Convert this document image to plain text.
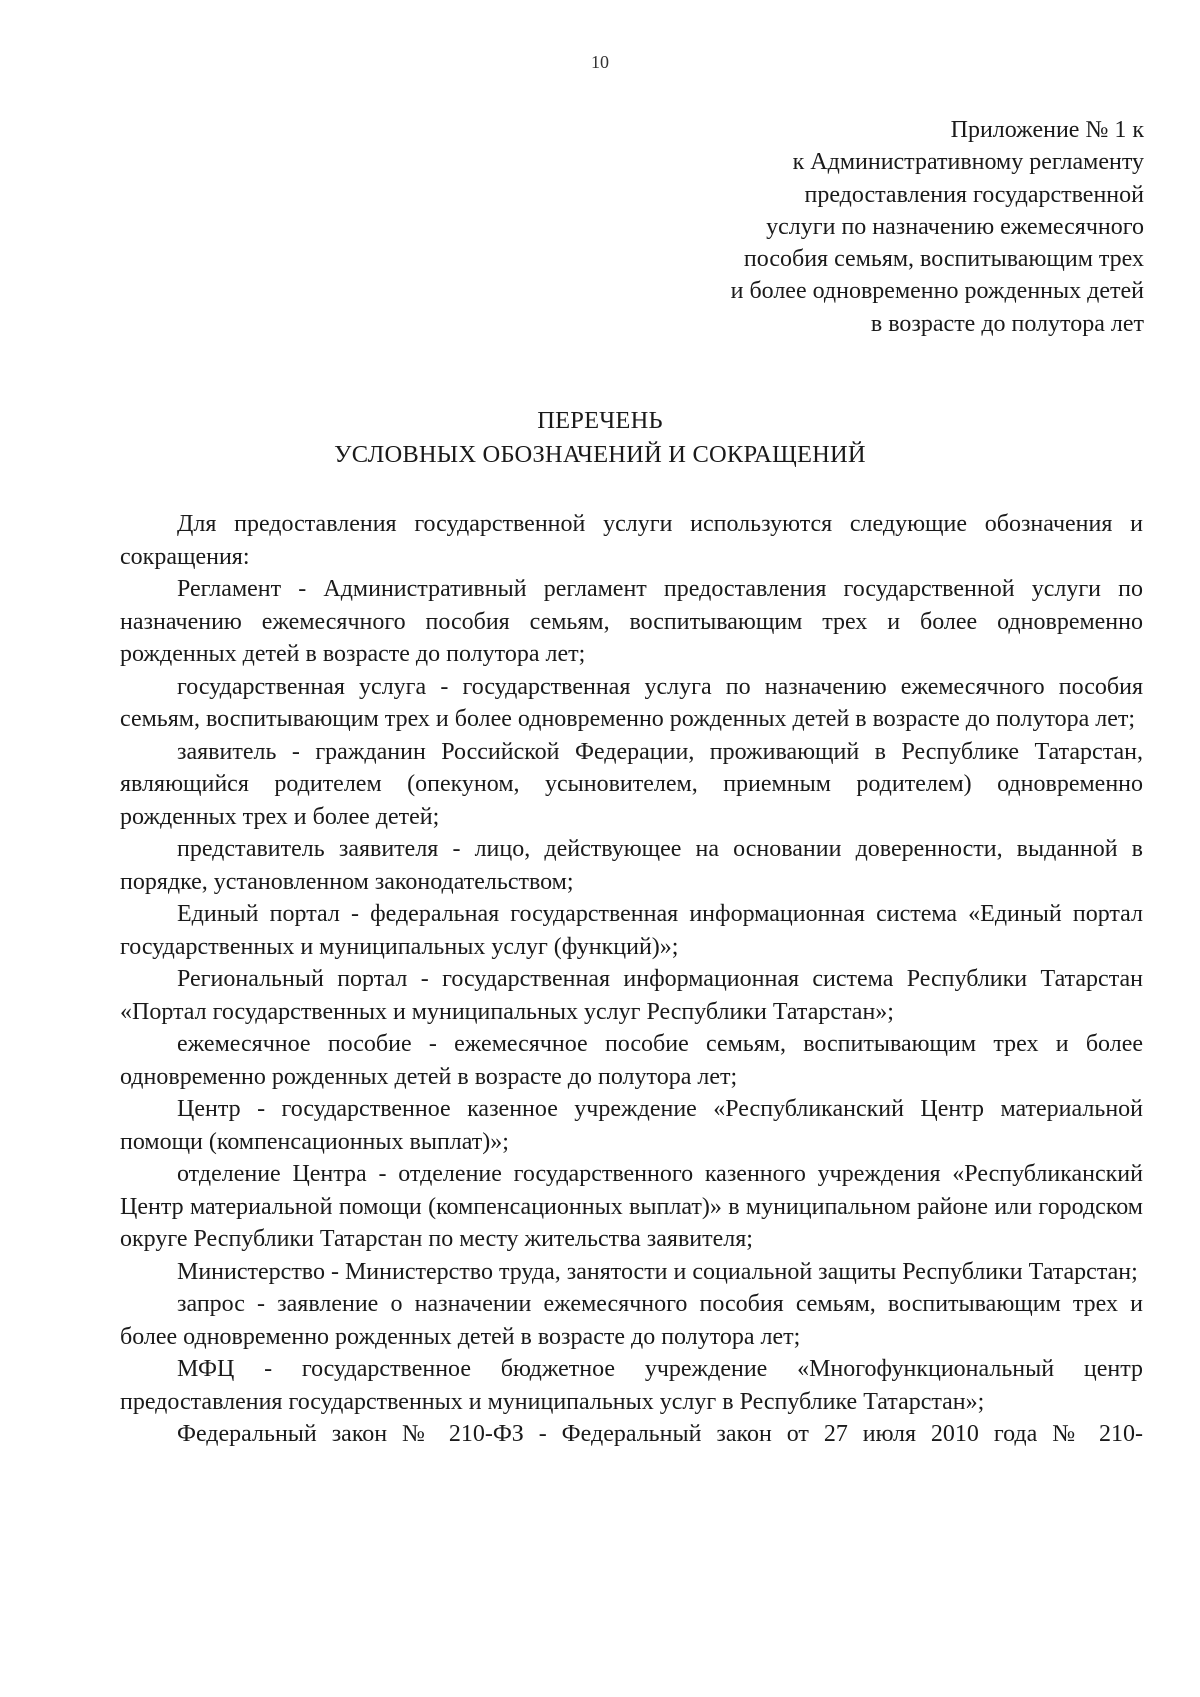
10
Приложение № 1 к
к Административному регламенту
предоставления государственной
услуги по назначению ежемесячного
пособия семьям, воспитывающим трех
и более одновременно рожденных детей
в возрасте до полутора лет
ПЕРЕЧЕНЬ
УСЛОВНЫХ ОБОЗНАЧЕНИЙ И СОКРАЩЕНИЙ

Для предоставления государственной услуги используются следующие обозначения и сокращения:

Регламент - Административный регламент предоставления государственной услуги по назначению ежемесячного пособия семьям, воспитывающим трех и более одновременно рожденных детей в возрасте до полутора лет;

государственная услуга - государственная услуга по назначению ежемесячного пособия семьям, воспитывающим трех и более одновременно рожденных детей в возрасте до полутора лет;

заявитель - гражданин Российской Федерации, проживающий в Республике Татарстан, являющийся родителем (опекуном, усыновителем, приемным родителем) одновременно рожденных трех и более детей;

представитель заявителя - лицо, действующее на основании доверенности, выданной в порядке, установленном законодательством;

Единый портал - федеральная государственная информационная система «Единый портал государственных и муниципальных услуг (функций)»;

Региональный портал - государственная информационная система Республики Татарстан «Портал государственных и муниципальных услуг Республики Татарстан»;

ежемесячное пособие - ежемесячное пособие семьям, воспитывающим трех и более одновременно рожденных детей в возрасте до полутора лет;

Центр - государственное казенное учреждение «Республиканский Центр материальной помощи (компенсационных выплат)»;

отделение Центра - отделение государственного казенного учреждения «Республиканский Центр материальной помощи (компенсационных выплат)» в муниципальном районе или городском округе Республики Татарстан по месту жительства заявителя;

Министерство - Министерство труда, занятости и социальной защиты Республики Татарстан;

запрос - заявление о назначении ежемесячного пособия семьям, воспитывающим трех и более одновременно рожденных детей в возрасте до полутора лет;

МФЦ - государственное бюджетное учреждение «Многофункциональный центр предоставления государственных и муниципальных услуг в Республике Татарстан»;

Федеральный закон № 210-ФЗ - Федеральный закон от 27 июля 2010 года № 210-
